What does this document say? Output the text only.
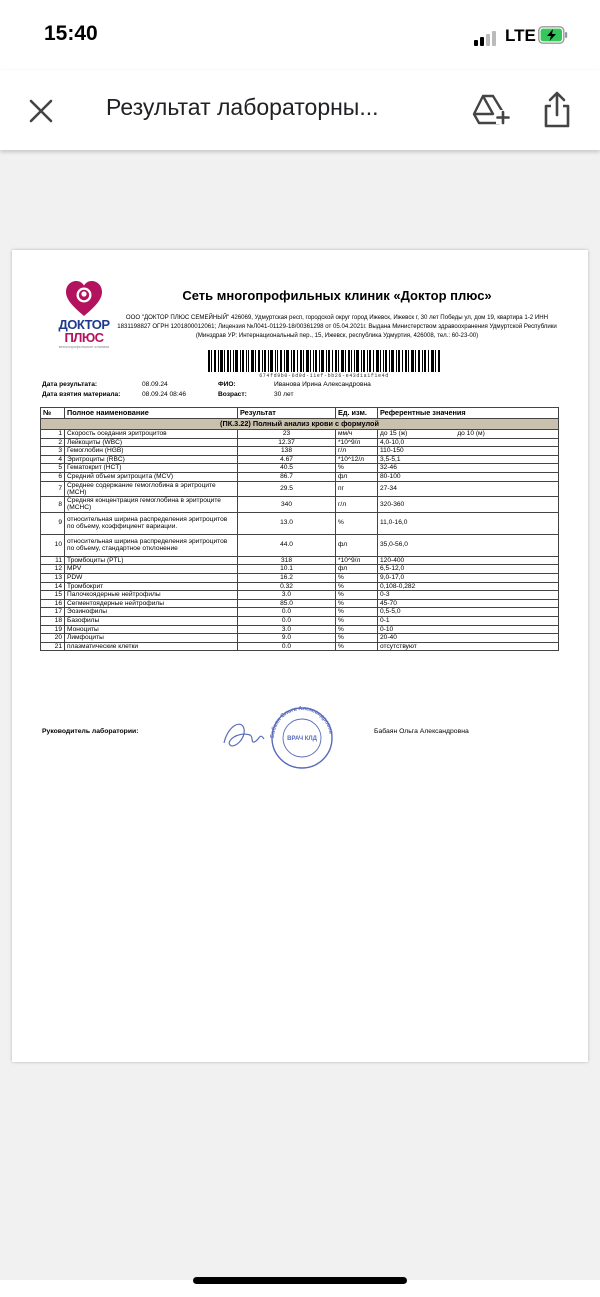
15:40	LTE
Результат лабораторны...
ДОКТОР
ПЛЮС
многопрофильные клиники
Сеть многопрофильных клиник «Доктор плюс»
ООО "ДОКТОР ПЛЮС СЕМЕЙНЫЙ" 426069, Удмуртская респ, городской округ город Ижевск, Ижевск г, 30 лет Победы ул, дом 19, квартира 1-2 ИНН 1831198827 ОГРН 1201800012061; Лицензия №Л041-01129-18/00361298 от 05.04.2021г. Выдана Министерством здравоохранения Удмуртской Республики (Минздрав УР: Интернациональный пер., 15, Ижевск, республика Удмуртия, 426008, тел.: 60-23-00)
674fd9b0-6d9d-11ef-bb26-e43d1a1f1e4d
Дата результата:	08.09.24
Дата взятия материала:	08.09.24 08:46
ФИО:	Иванова Ирина Александровна
Возраст:	30 лет
№	Полное наименование	Результат	Ед. изм.	Референтные значения
(ПК.3.22) Полный анализ крови с формулой				
1	Скорость оседания эритроцитов	23	мм/ч	до 15 (ж) до 10 (м)
2	Лейкоциты (WBC)	12.37	*10^9/л	4,0-10,0
3	Гемоглобин (HGB)	138	г/л	110-150
4	Эритроциты (RBC)	4.67	*10^12/л	3,5-5,1
5	Гематокрит (HCT)	40.5	%	32-46
6	Средний объем эритроцита (MCV)	86.7	фл	80-100
7	Среднее содержание гемоглобина в эритроците (MCH)	29.5	пг	27-34
8	Средняя концентрация гемоглобина в эритроците (MCHC)	340	г/л	320-360
9	относительная ширина распределения эритроцитов по объему, коэффициент вариации.	13.0	%	11,0-16,0
10	относительная ширина распределения эритроцитов по объему, стандартное отклонение	44.0	фл	35,0-56,0
11	Тромбоциты (PTL)	318	*10^9/л	120-400
12	MPV	10.1	фл	6,5-12,0
13	PDW	16.2	%	9,0-17,0
14	Тромбокрит	0.32	%	0,108-0,282
15	Палочкоядерные нейтрофилы	3.0	%	0-3
16	Сегментоядерные нейтрофилы	85.0	%	45-70
17	Эозинофилы	0.0	%	0,5-5,0
18	Базофилы	0.0	%	0-1
19	Моноциты	3.0	%	0-10
20	Лимфоциты	9.0	%	20-40
21	плазматические клетки	0.0	%	отсутствуют
Руководитель лаборатории:
Бабаян Ольга Александровна
ВРАЧ КЛД
Бабаян Ольга Александровна
